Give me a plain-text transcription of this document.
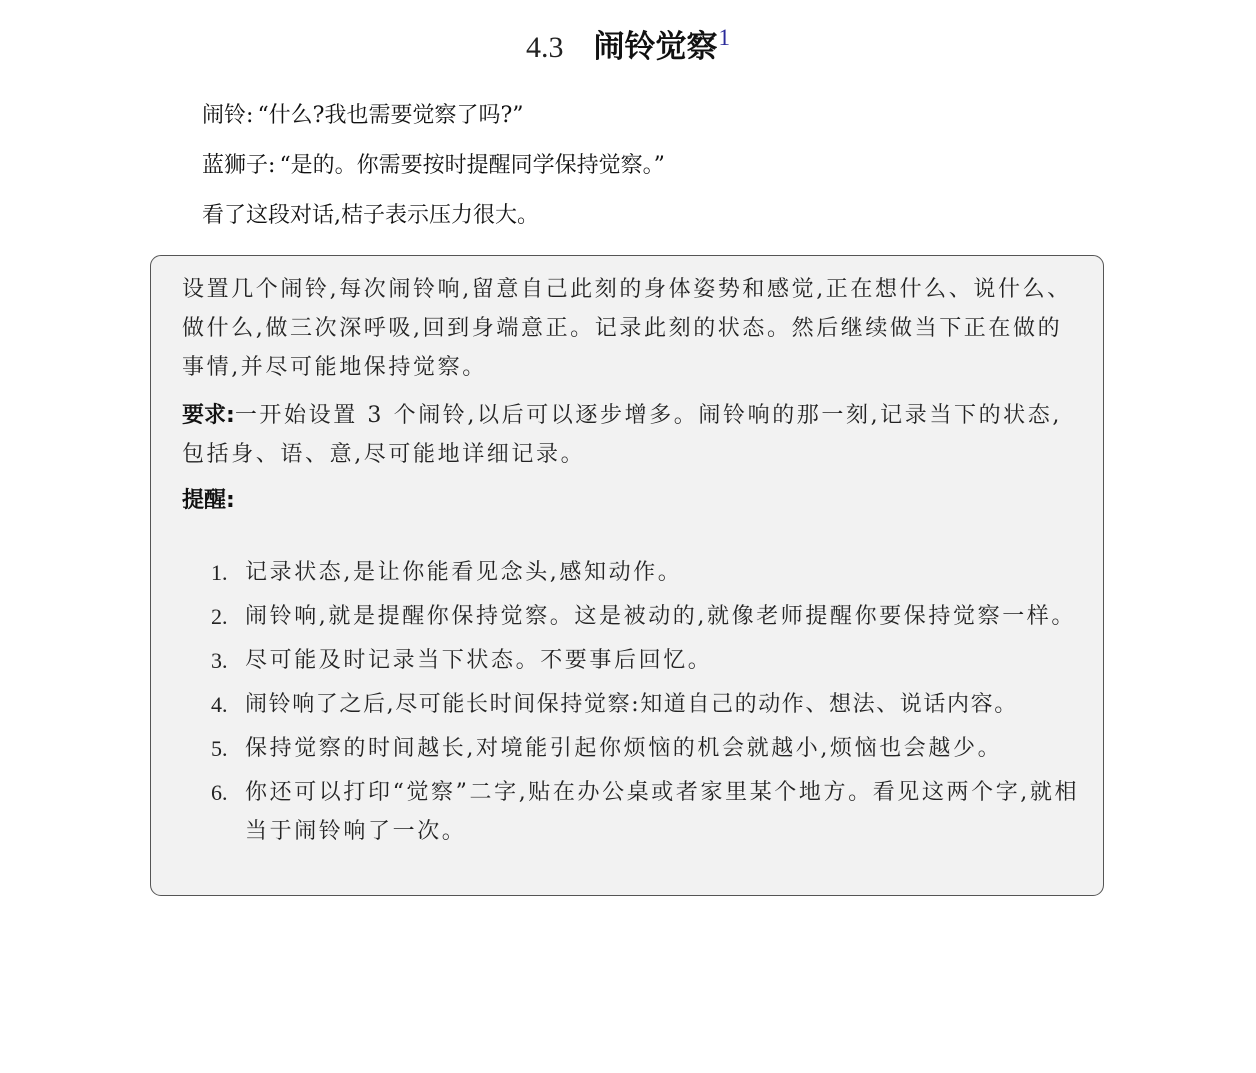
4.3 闹铃觉察1
闹铃: “什么?我也需要觉察了吗?”
蓝狮子: “是的。你需要按时提醒同学保持觉察。”
看了这段对话,桔子表示压力很大。
设置几个闹铃,每次闹铃响,留意自己此刻的身体姿势和感觉,正在想什么、说什么、做什么,做三次深呼吸,回到身端意正。记录此刻的状态。然后继续做当下正在做的事情,并尽可能地保持觉察。
要求:一开始设置 3 个闹铃,以后可以逐步增多。闹铃响的那一刻,记录当下的状态,包括身、语、意,尽可能地详细记录。
提醒:
1. 记录状态,是让你能看见念头,感知动作。
2. 闹铃响,就是提醒你保持觉察。这是被动的,就像老师提醒你要保持觉察一样。
3. 尽可能及时记录当下状态。不要事后回忆。
4. 闹铃响了之后,尽可能长时间保持觉察:知道自己的动作、想法、说话内容。
5. 保持觉察的时间越长,对境能引起你烦恼的机会就越小,烦恼也会越少。
6. 你还可以打印“觉察”二字,贴在办公桌或者家里某个地方。看见这两个字,就相当于闹铃响了一次。
